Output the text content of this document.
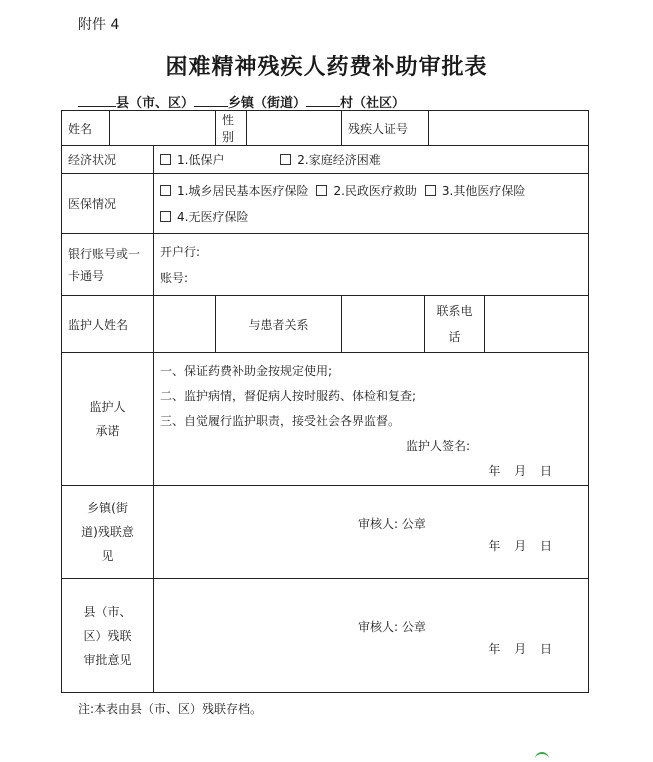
附件 4
困难精神残疾人药费补助审批表
县（市、区）	乡镇（街道）	村（社区）
姓名			性别		残疾人证号			
经济状况		1.低保户 2.家庭经济困难						
医保情况		1.城乡居民基本医疗保险 2.民政医疗救助 3.其他医疗保险
4.无医疗保险						

银行账号或一卡通号		开户行:
账号:						

监护人姓名			与患者关系			联系电话		
监护人承诺		一、保证药费补助金按规定使用;
二、监护病情，督促病人按时服药、体检和复查;
三、自觉履行监护职责，接受社会各界监督。
监护人签名:
年 月 日						

乡镇(街道)残联意见		审核人: 公章
年 月 日						

县（市、区）残联审批意见		审核人: 公章
年 月 日						
注:本表由县（市、区）残联存档。
